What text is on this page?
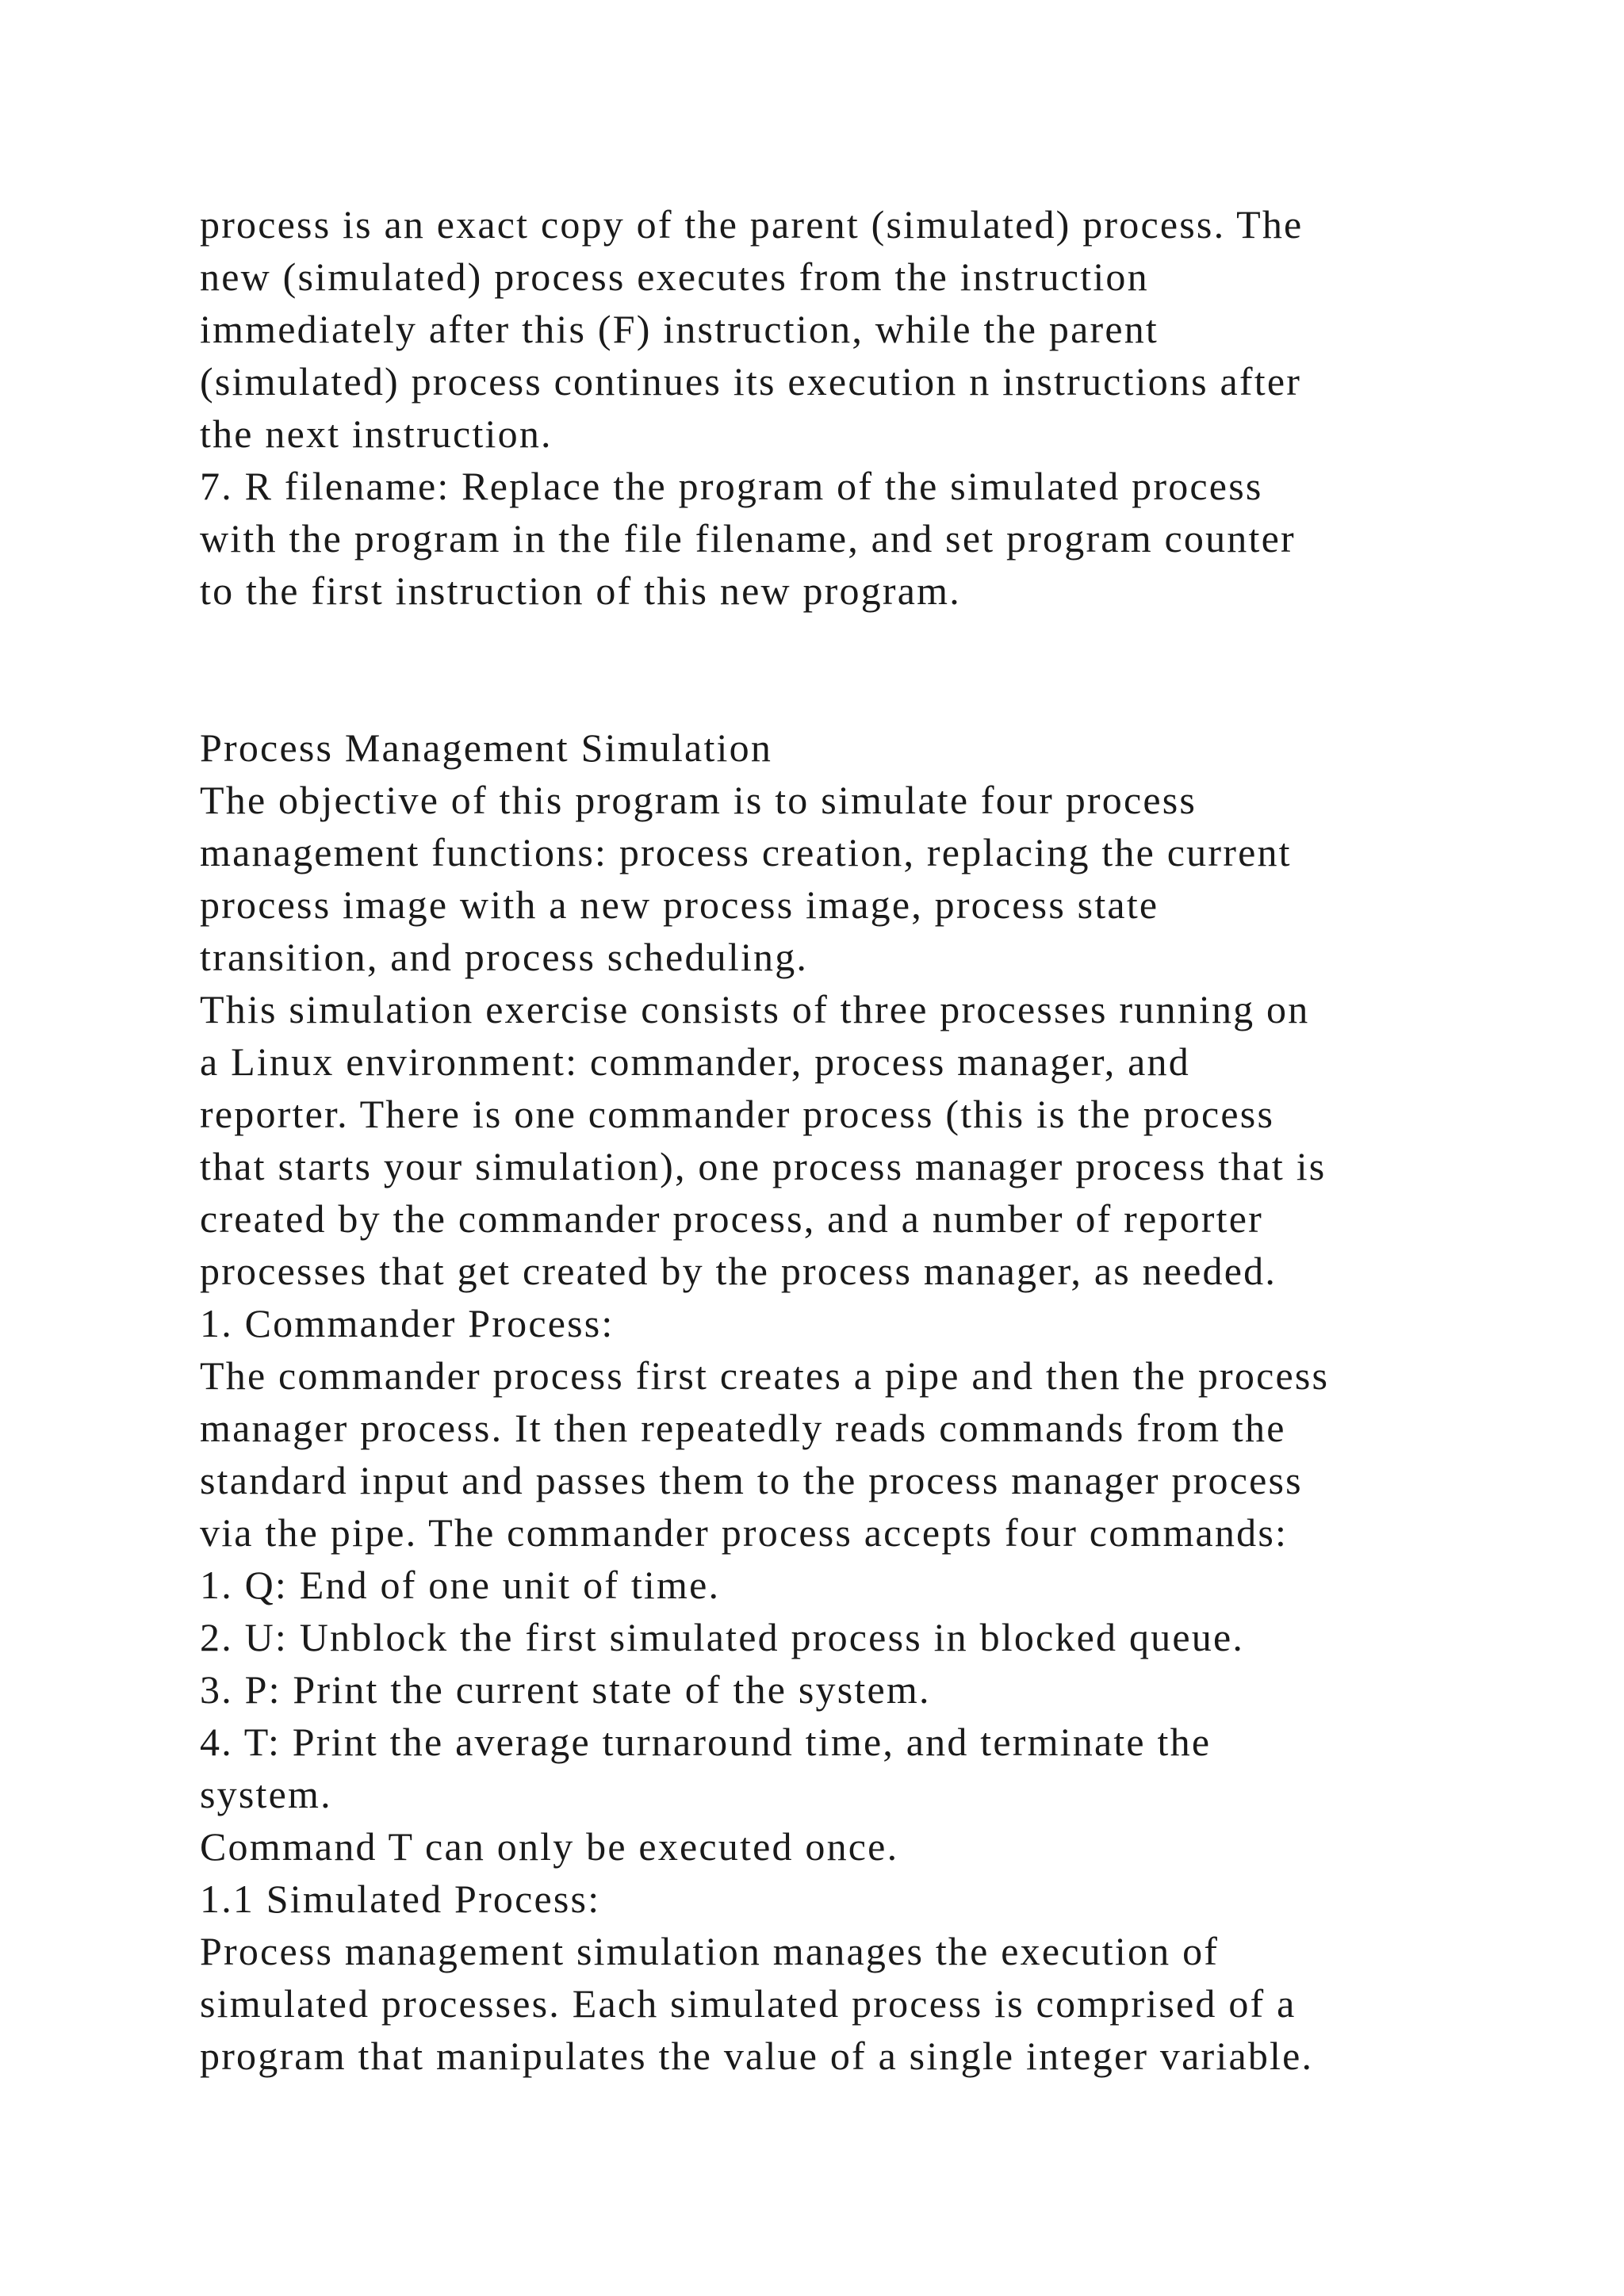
process is an exact copy of the parent (simulated) process. The
new (simulated) process executes from the instruction
immediately after this (F) instruction, while the parent
(simulated) process continues its execution n instructions after
the next instruction.
7. R filename: Replace the program of the simulated process
with the program in the file filename, and set program counter
to the first instruction of this new program.
Process Management Simulation
The objective of this program is to simulate four process
management functions: process creation, replacing the current
process image with a new process image, process state
transition, and process scheduling.
This simulation exercise consists of three processes running on
a Linux environment: commander, process manager, and
reporter. There is one commander process (this is the process
that starts your simulation), one process manager process that is
created by the commander process, and a number of reporter
processes that get created by the process manager, as needed.
1. Commander Process:
The commander process first creates a pipe and then the process
manager process. It then repeatedly reads commands from the
standard input and passes them to the process manager process
via the pipe. The commander process accepts four commands:
1. Q: End of one unit of time.
2. U: Unblock the first simulated process in blocked queue.
3. P: Print the current state of the system.
4. T: Print the average turnaround time, and terminate the
system.
Command T can only be executed once.
1.1 Simulated Process:
Process management simulation manages the execution of
simulated processes. Each simulated process is comprised of a
program that manipulates the value of a single integer variable.
